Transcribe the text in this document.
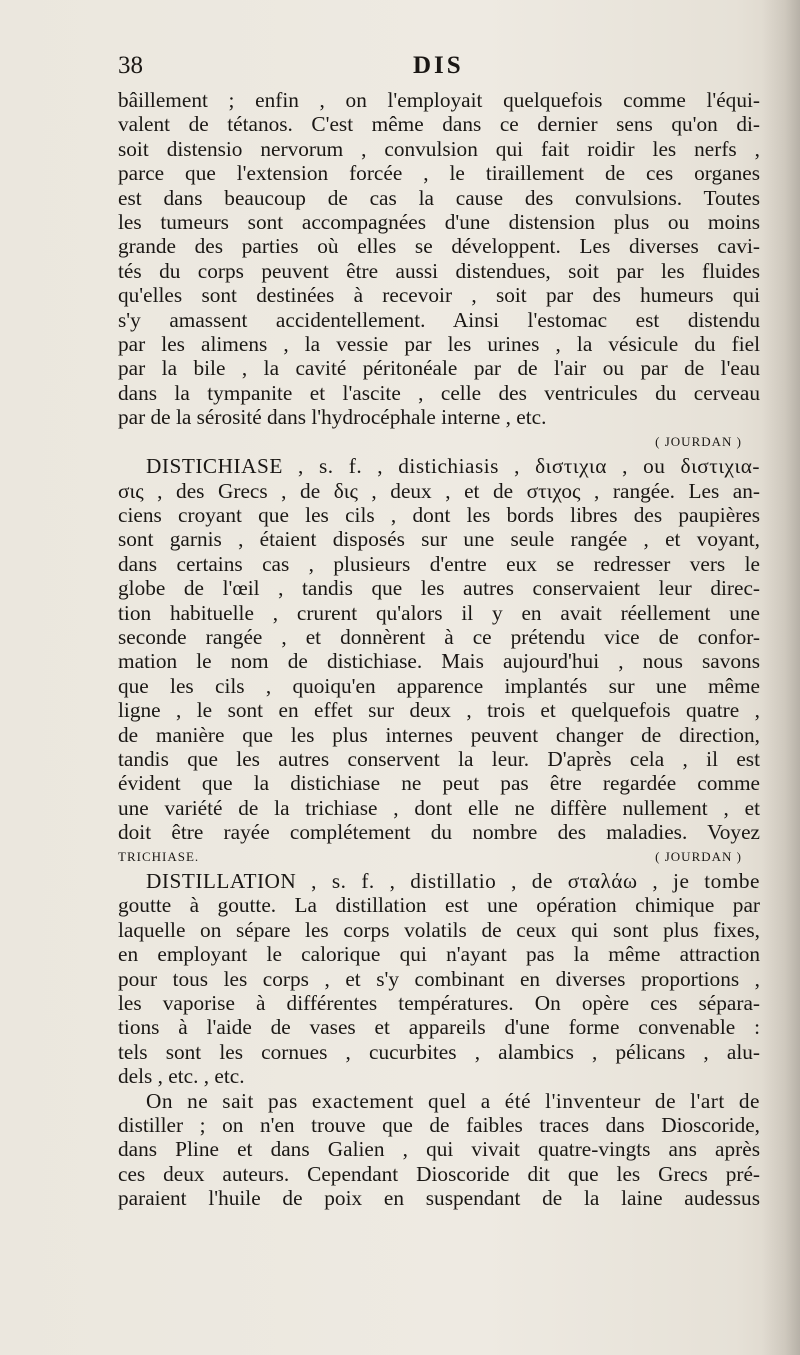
38	DIS

bâillement ; enfin , on l'employait quelquefois comme l'équi-
valent de tétanos. C'est même dans ce dernier sens qu'on di-
soit distensio nervorum , convulsion qui fait roidir les nerfs ,
parce que l'extension forcée , le tiraillement de ces organes
est dans beaucoup de cas la cause des convulsions. Toutes
les tumeurs sont accompagnées d'une distension plus ou moins
grande des parties où elles se développent. Les diverses cavi-
tés du corps peuvent être aussi distendues, soit par les fluides
qu'elles sont destinées à recevoir , soit par des humeurs qui
s'y amassent accidentellement. Ainsi l'estomac est distendu
par les alimens , la vessie par les urines , la vésicule du fiel
par la bile , la cavité péritonéale par de l'air ou par de l'eau
dans la tympanite et l'ascite , celle des ventricules du cerveau
par de la sérosité dans l'hydrocéphale interne , etc.

( JOURDAN )

DISTICHIASE , s. f. , distichiasis , διστιχια , ou διστιχια-
σις , des Grecs , de δις , deux , et de στιχος , rangée. Les an-
ciens croyant que les cils , dont les bords libres des paupières
sont garnis , étaient disposés sur une seule rangée , et voyant,
dans certains cas , plusieurs d'entre eux se redresser vers le
globe de l'œil , tandis que les autres conservaient leur direc-
tion habituelle , crurent qu'alors il y en avait réellement une
seconde rangée , et donnèrent à ce prétendu vice de confor-
mation le nom de distichiase. Mais aujourd'hui , nous savons
que les cils , quoiqu'en apparence implantés sur une même
ligne , le sont en effet sur deux , trois et quelquefois quatre ,
de manière que les plus internes peuvent changer de direction,
tandis que les autres conservent la leur. D'après cela , il est
évident que la distichiase ne peut pas être regardée comme
une variété de la trichiase , dont elle ne diffère nullement , et
doit être rayée complétement du nombre des maladies. Voyez

TRICHIASE.	( JOURDAN )

DISTILLATION , s. f. , distillatio , de σταλάω , je tombe
goutte à goutte. La distillation est une opération chimique par
laquelle on sépare les corps volatils de ceux qui sont plus fixes,
en employant le calorique qui n'ayant pas la même attraction
pour tous les corps , et s'y combinant en diverses proportions ,
les vaporise à différentes températures. On opère ces sépara-
tions à l'aide de vases et appareils d'une forme convenable :
tels sont les cornues , cucurbites , alambics , pélicans , alu-
dels , etc. , etc.

On ne sait pas exactement quel a été l'inventeur de l'art de
distiller ; on n'en trouve que de faibles traces dans Dioscoride,
dans Pline et dans Galien , qui vivait quatre-vingts ans après
ces deux auteurs. Cependant Dioscoride dit que les Grecs pré-
paraient l'huile de poix en suspendant de la laine audessus
